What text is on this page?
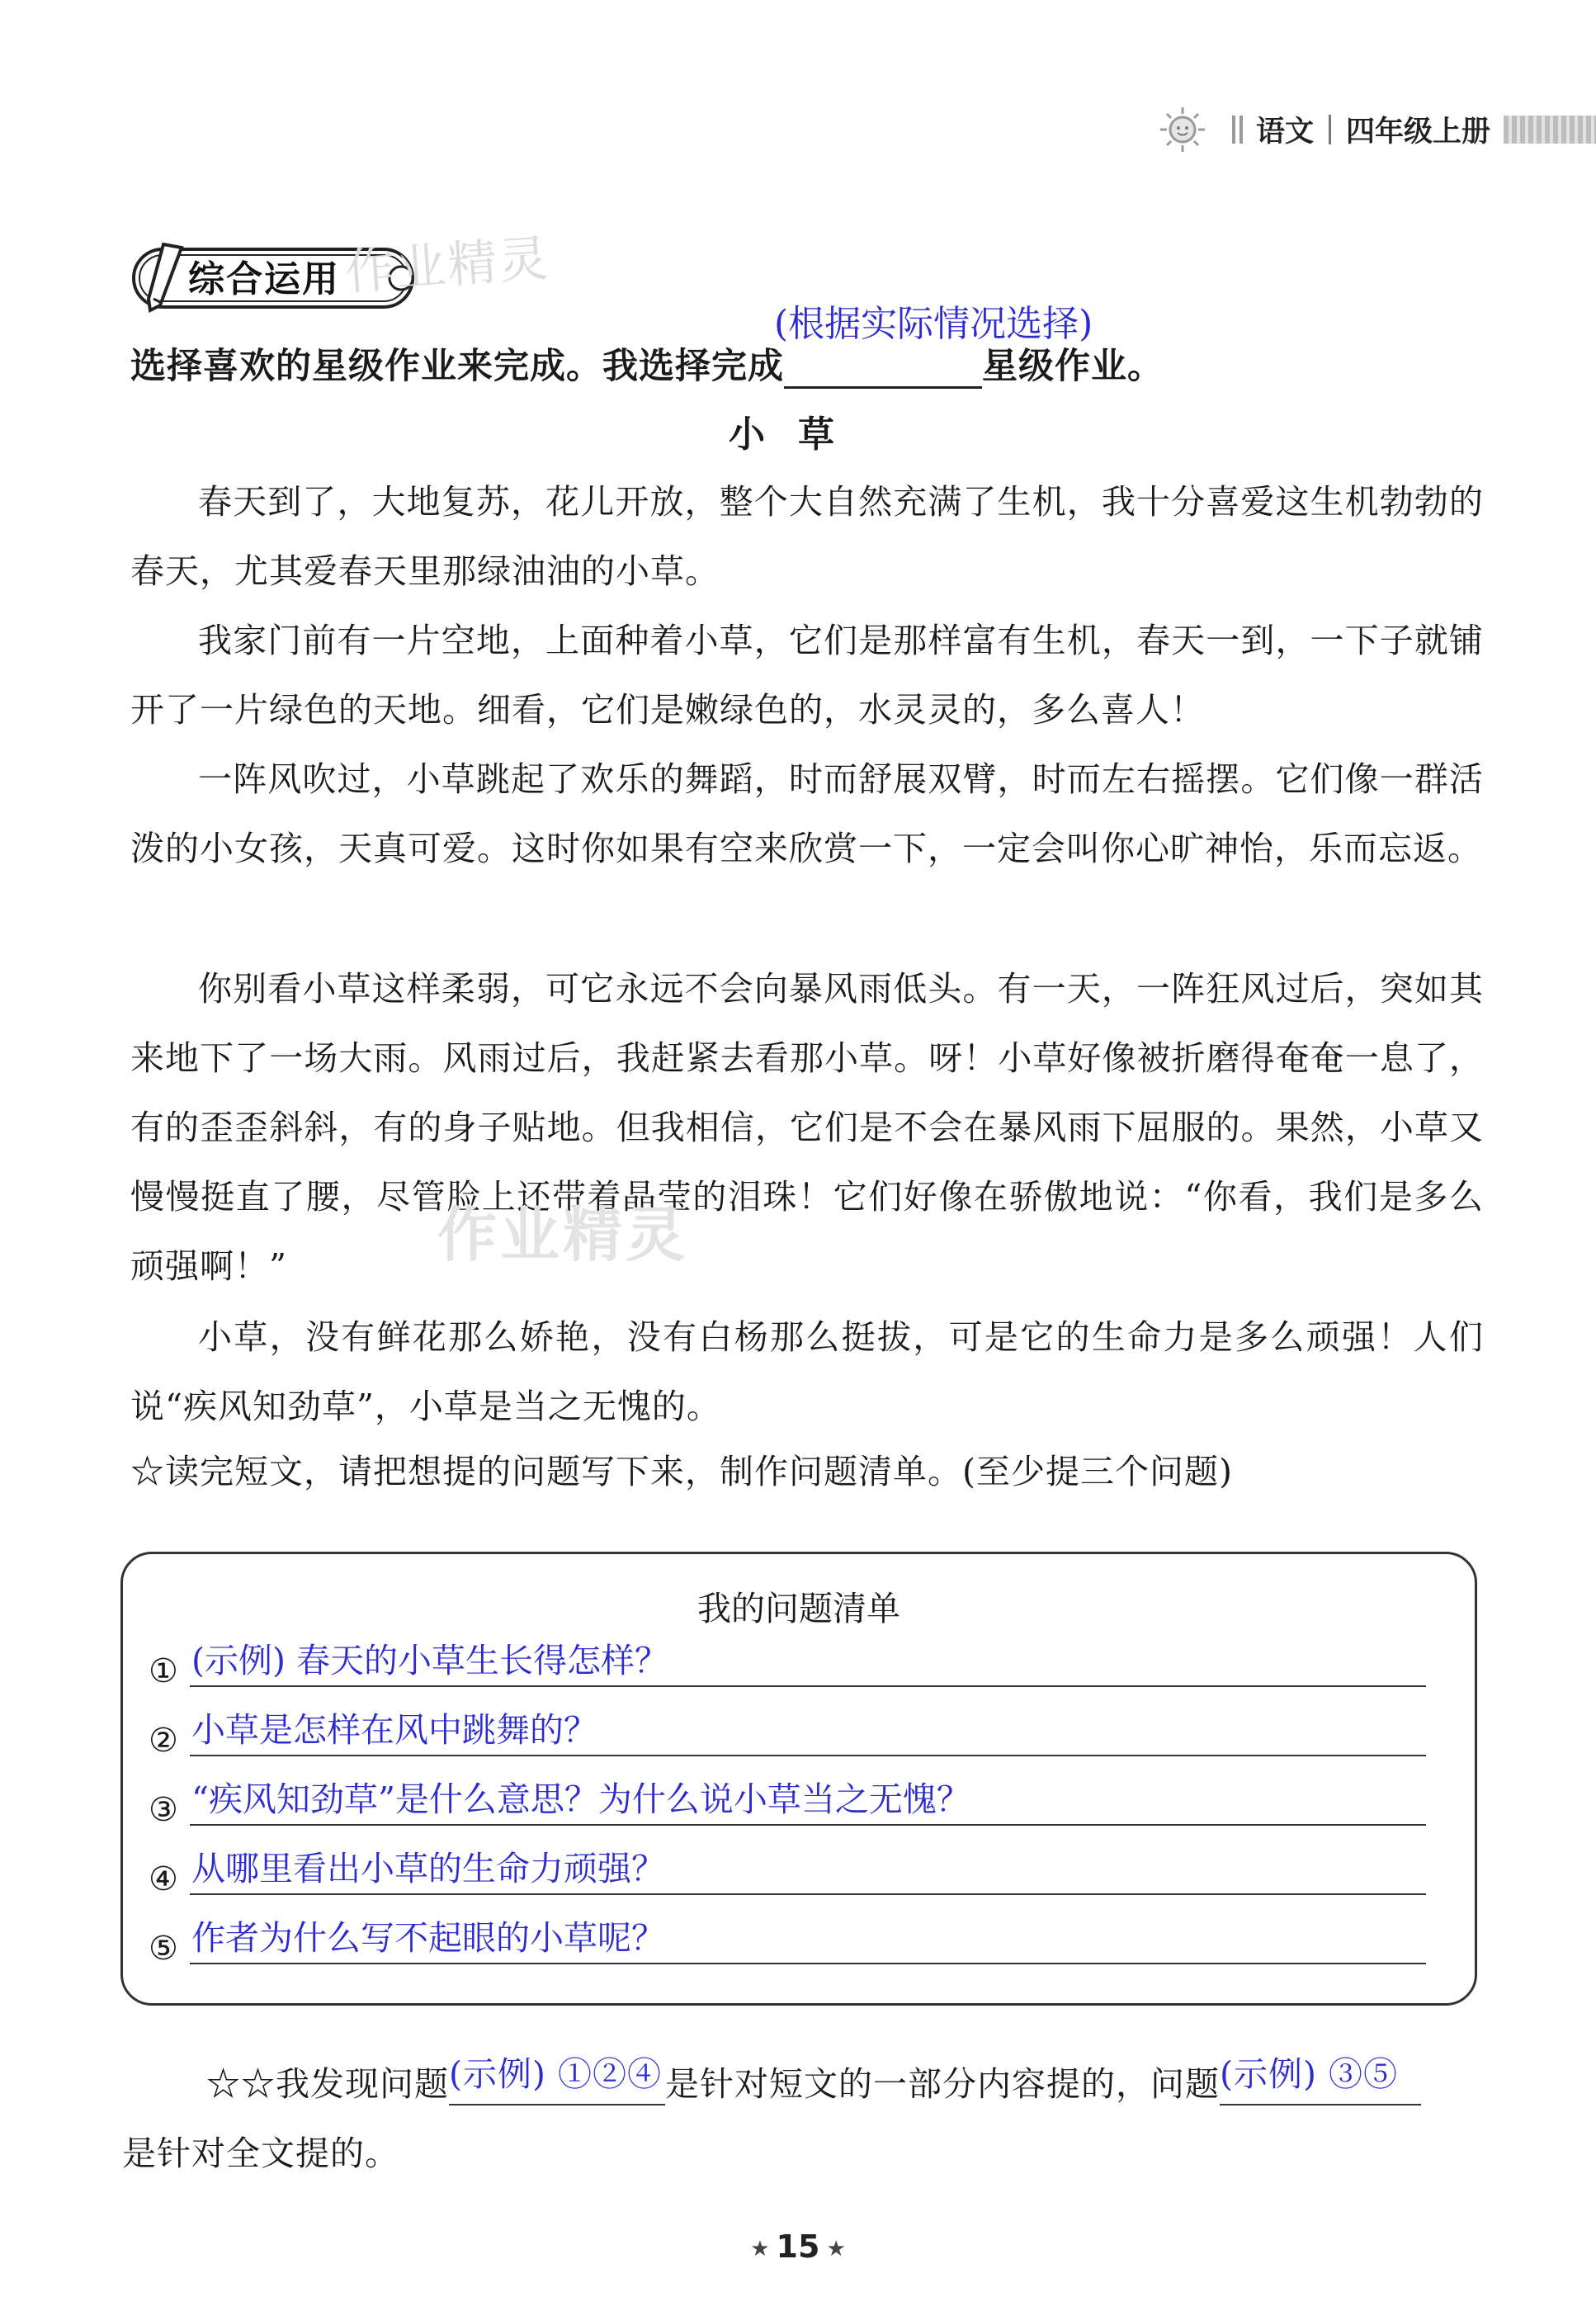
语文 四年级上册
综合运用 作业精灵
(根据实际情况选择)
选择喜欢的星级作业来完成。我选择完成	星级作业。
小草

春天到了，大地复苏，花儿开放，整个大自然充满了生机，我十分喜爱这生机勃勃的春天，尤其爱春天里那绿油油的小草。

我家门前有一片空地，上面种着小草，它们是那样富有生机，春天一到，一下子就铺开了一片绿色的天地。细看，它们是嫩绿色的，水灵灵的，多么喜人！

一阵风吹过，小草跳起了欢乐的舞蹈，时而舒展双臂，时而左右摇摆。它们像一群活泼的小女孩，天真可爱。这时你如果有空来欣赏一下，一定会叫你心旷神怡，乐而忘返。

你别看小草这样柔弱，可它永远不会向暴风雨低头。有一天，一阵狂风过后，突如其来地下了一场大雨。风雨过后，我赶紧去看那小草。呀！小草好像被折磨得奄奄一息了，有的歪歪斜斜，有的身子贴地。但我相信，它们是不会在暴风雨下屈服的。果然，小草又慢慢挺直了腰，尽管脸上还带着晶莹的泪珠！它们好像在骄傲地说：“你看，我们是多么顽强啊！”

小草，没有鲜花那么娇艳，没有白杨那么挺拔，可是它的生命力是多么顽强！人们说“疾风知劲草”，小草是当之无愧的。

作业精灵
☆读完短文，请把想提的问题写下来，制作问题清单。(至少提三个问题)
我的问题清单
① (示例) 春天的小草生长得怎样？
② 小草是怎样在风中跳舞的？
③ “疾风知劲草”是什么意思？为什么说小草当之无愧？
④ 从哪里看出小草的生命力顽强？
⑤ 作者为什么写不起眼的小草呢？
☆☆我发现问题 (示例) ①②④ 是针对短文的一部分内容提的，问题 (示例) ③⑤
是针对全文提的。
★ 15 ★
